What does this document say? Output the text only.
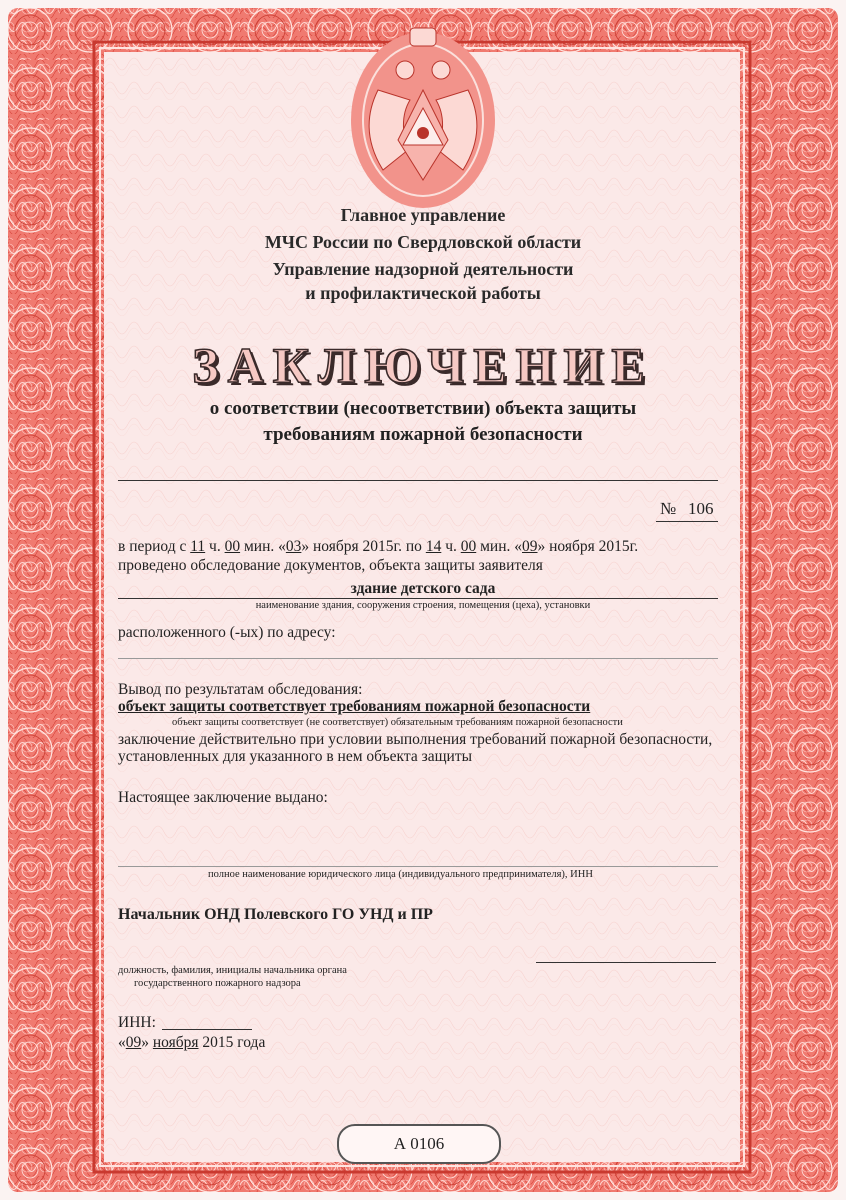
Главное управление
МЧС России по Свердловской области
Управление надзорной деятельности
и профилактической работы
ЗАКЛЮЧЕНИЕ
о соответствии (несоответствии) объекта защиты
требованиям пожарной безопасности
№ 106
в период с 11 ч. 00 мин. «03» ноября 2015г. по 14 ч. 00 мин. «09» ноября 2015г.
проведено обследование документов, объекта защиты заявителя
здание детского сада
наименование здания, сооружения строения, помещения (цеха), установки
расположенного (-ых) по адресу:
Вывод по результатам обследования:
объект защиты соответствует требованиям пожарной безопасности
объект защиты соответствует (не соответствует) обязательным требованиям пожарной безопасности
заключение действительно при условии выполнения требований пожарной безопасности,
установленных для указанного в нем объекта защиты
Настоящее заключение выдано:
полное наименование юридического лица (индивидуального предпринимателя), ИНН
Начальник ОНД Полевского ГО УНД и ПР
должность, фамилия, инициалы начальника органа
государственного пожарного надзора
ИНН:
«09» ноября 2015 года
А 0106
